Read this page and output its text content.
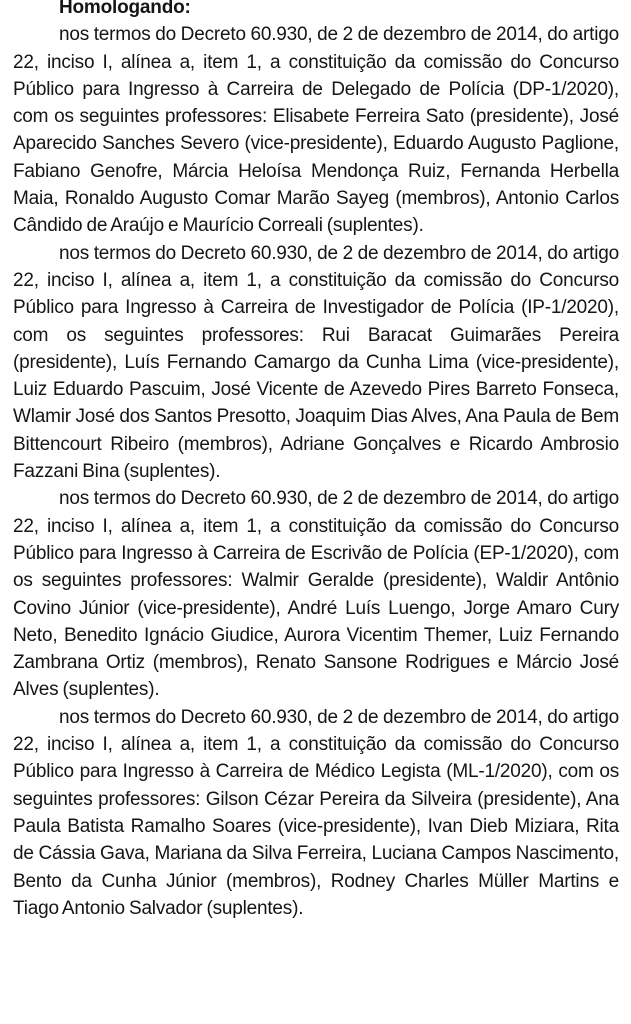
Homologando:

nos termos do Decreto 60.930, de 2 de dezembro de 2014, do artigo 22, inciso I, alínea a, item 1, a constituição da comissão do Concurso Público para Ingresso à Carreira de Delegado de Polícia (DP-1/2020), com os seguintes professores: Elisabete Ferreira Sato (presidente), José Aparecido Sanches Severo (vice-presidente), Eduardo Augusto Paglione, Fabiano Genofre, Márcia Heloísa Mendonça Ruiz, Fernanda Herbella Maia, Ronaldo Augusto Comar Marão Sayeg (membros), Antonio Carlos Cândido de Araújo e Maurício Correali (suplentes).

nos termos do Decreto 60.930, de 2 de dezembro de 2014, do artigo 22, inciso I, alínea a, item 1, a constituição da comissão do Concurso Público para Ingresso à Carreira de Investigador de Polícia (IP-1/2020), com os seguintes professores: Rui Baracat Guimarães Pereira (presidente), Luís Fernando Camargo da Cunha Lima (vice-presidente), Luiz Eduardo Pascuim, José Vicente de Azevedo Pires Barreto Fonseca, Wlamir José dos Santos Presotto, Joaquim Dias Alves, Ana Paula de Bem Bittencourt Ribeiro (membros), Adriane Gonçalves e Ricardo Ambrosio Fazzani Bina (suplentes).

nos termos do Decreto 60.930, de 2 de dezembro de 2014, do artigo 22, inciso I, alínea a, item 1, a constituição da comissão do Concurso Público para Ingresso à Carreira de Escrivão de Polícia (EP-1/2020), com os seguintes professores: Walmir Geralde (presidente), Waldir Antônio Covino Júnior (vice-presidente), André Luís Luengo, Jorge Amaro Cury Neto, Benedito Ignácio Giudice, Aurora Vicentim Themer, Luiz Fernando Zambrana Ortiz (membros), Renato Sansone Rodrigues e Márcio José Alves (suplentes).

nos termos do Decreto 60.930, de 2 de dezembro de 2014, do artigo 22, inciso I, alínea a, item 1, a constituição da comissão do Concurso Público para Ingresso à Carreira de Médico Legista (ML-1/2020), com os seguintes professores: Gilson Cézar Pereira da Silveira (presidente), Ana Paula Batista Ramalho Soares (vice-presidente), Ivan Dieb Miziara, Rita de Cássia Gava, Mariana da Silva Ferreira, Luciana Campos Nascimento, Bento da Cunha Júnior (membros), Rodney Charles Müller Martins e Tiago Antonio Salvador (suplentes).
